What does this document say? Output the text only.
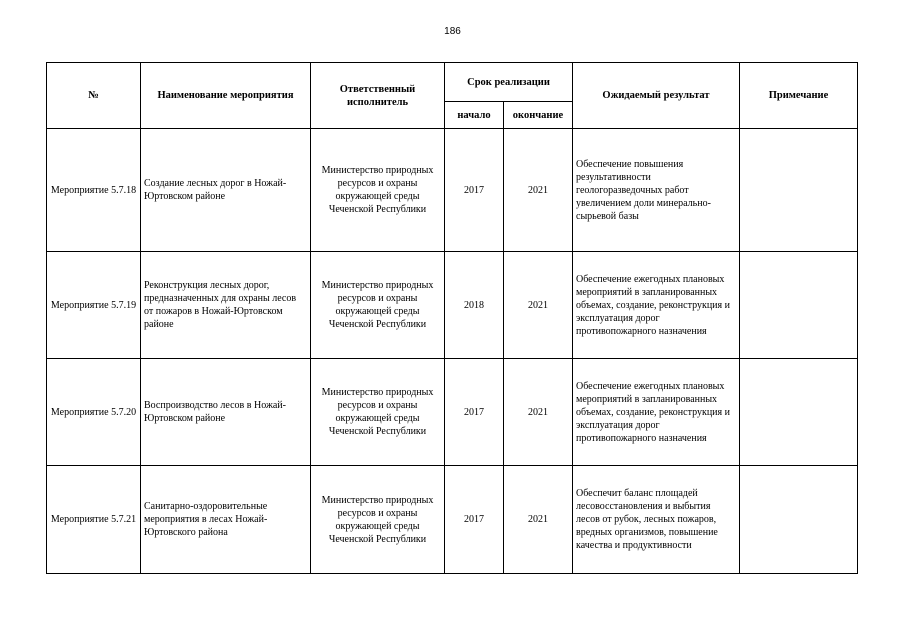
186
№	Наименование мероприятия	Ответственный исполнитель	Срок реализации		Ожидаемый результат	Примечание
			начало	окончание		
Мероприятие 5.7.18	Создание лесных дорог в Ножай-Юртовском районе	Министерство природных ресурсов и охраны окружающей среды Чеченской Республики	2017	2021	Обеспечение повышения результативности геологоразведочных работ увеличением доли минерально-сырьевой базы	
Мероприятие 5.7.19	Реконструкция лесных дорог, предназначенных для охраны лесов от пожаров в Ножай-Юртовском районе	Министерство природных ресурсов и охраны окружающей среды Чеченской Республики	2018	2021	Обеспечение ежегодных плановых мероприятий в запланированных объемах, создание, реконструкция и эксплуатация дорог противопожарного назначения	
Мероприятие 5.7.20	Воспроизводство лесов в Ножай-Юртовском районе	Министерство природных ресурсов и охраны окружающей среды Чеченской Республики	2017	2021	Обеспечение ежегодных плановых мероприятий в запланированных объемах, создание, реконструкция и эксплуатация дорог противопожарного назначения	
Мероприятие 5.7.21	Санитарно-оздоровительные мероприятия в лесах Ножай-Юртовского района	Министерство природных ресурсов и охраны окружающей среды Чеченской Республики	2017	2021	Обеспечит баланс площадей лесовосстановления и выбытия лесов от рубок, лесных пожаров, вредных организмов, повышение качества и продуктивности	
